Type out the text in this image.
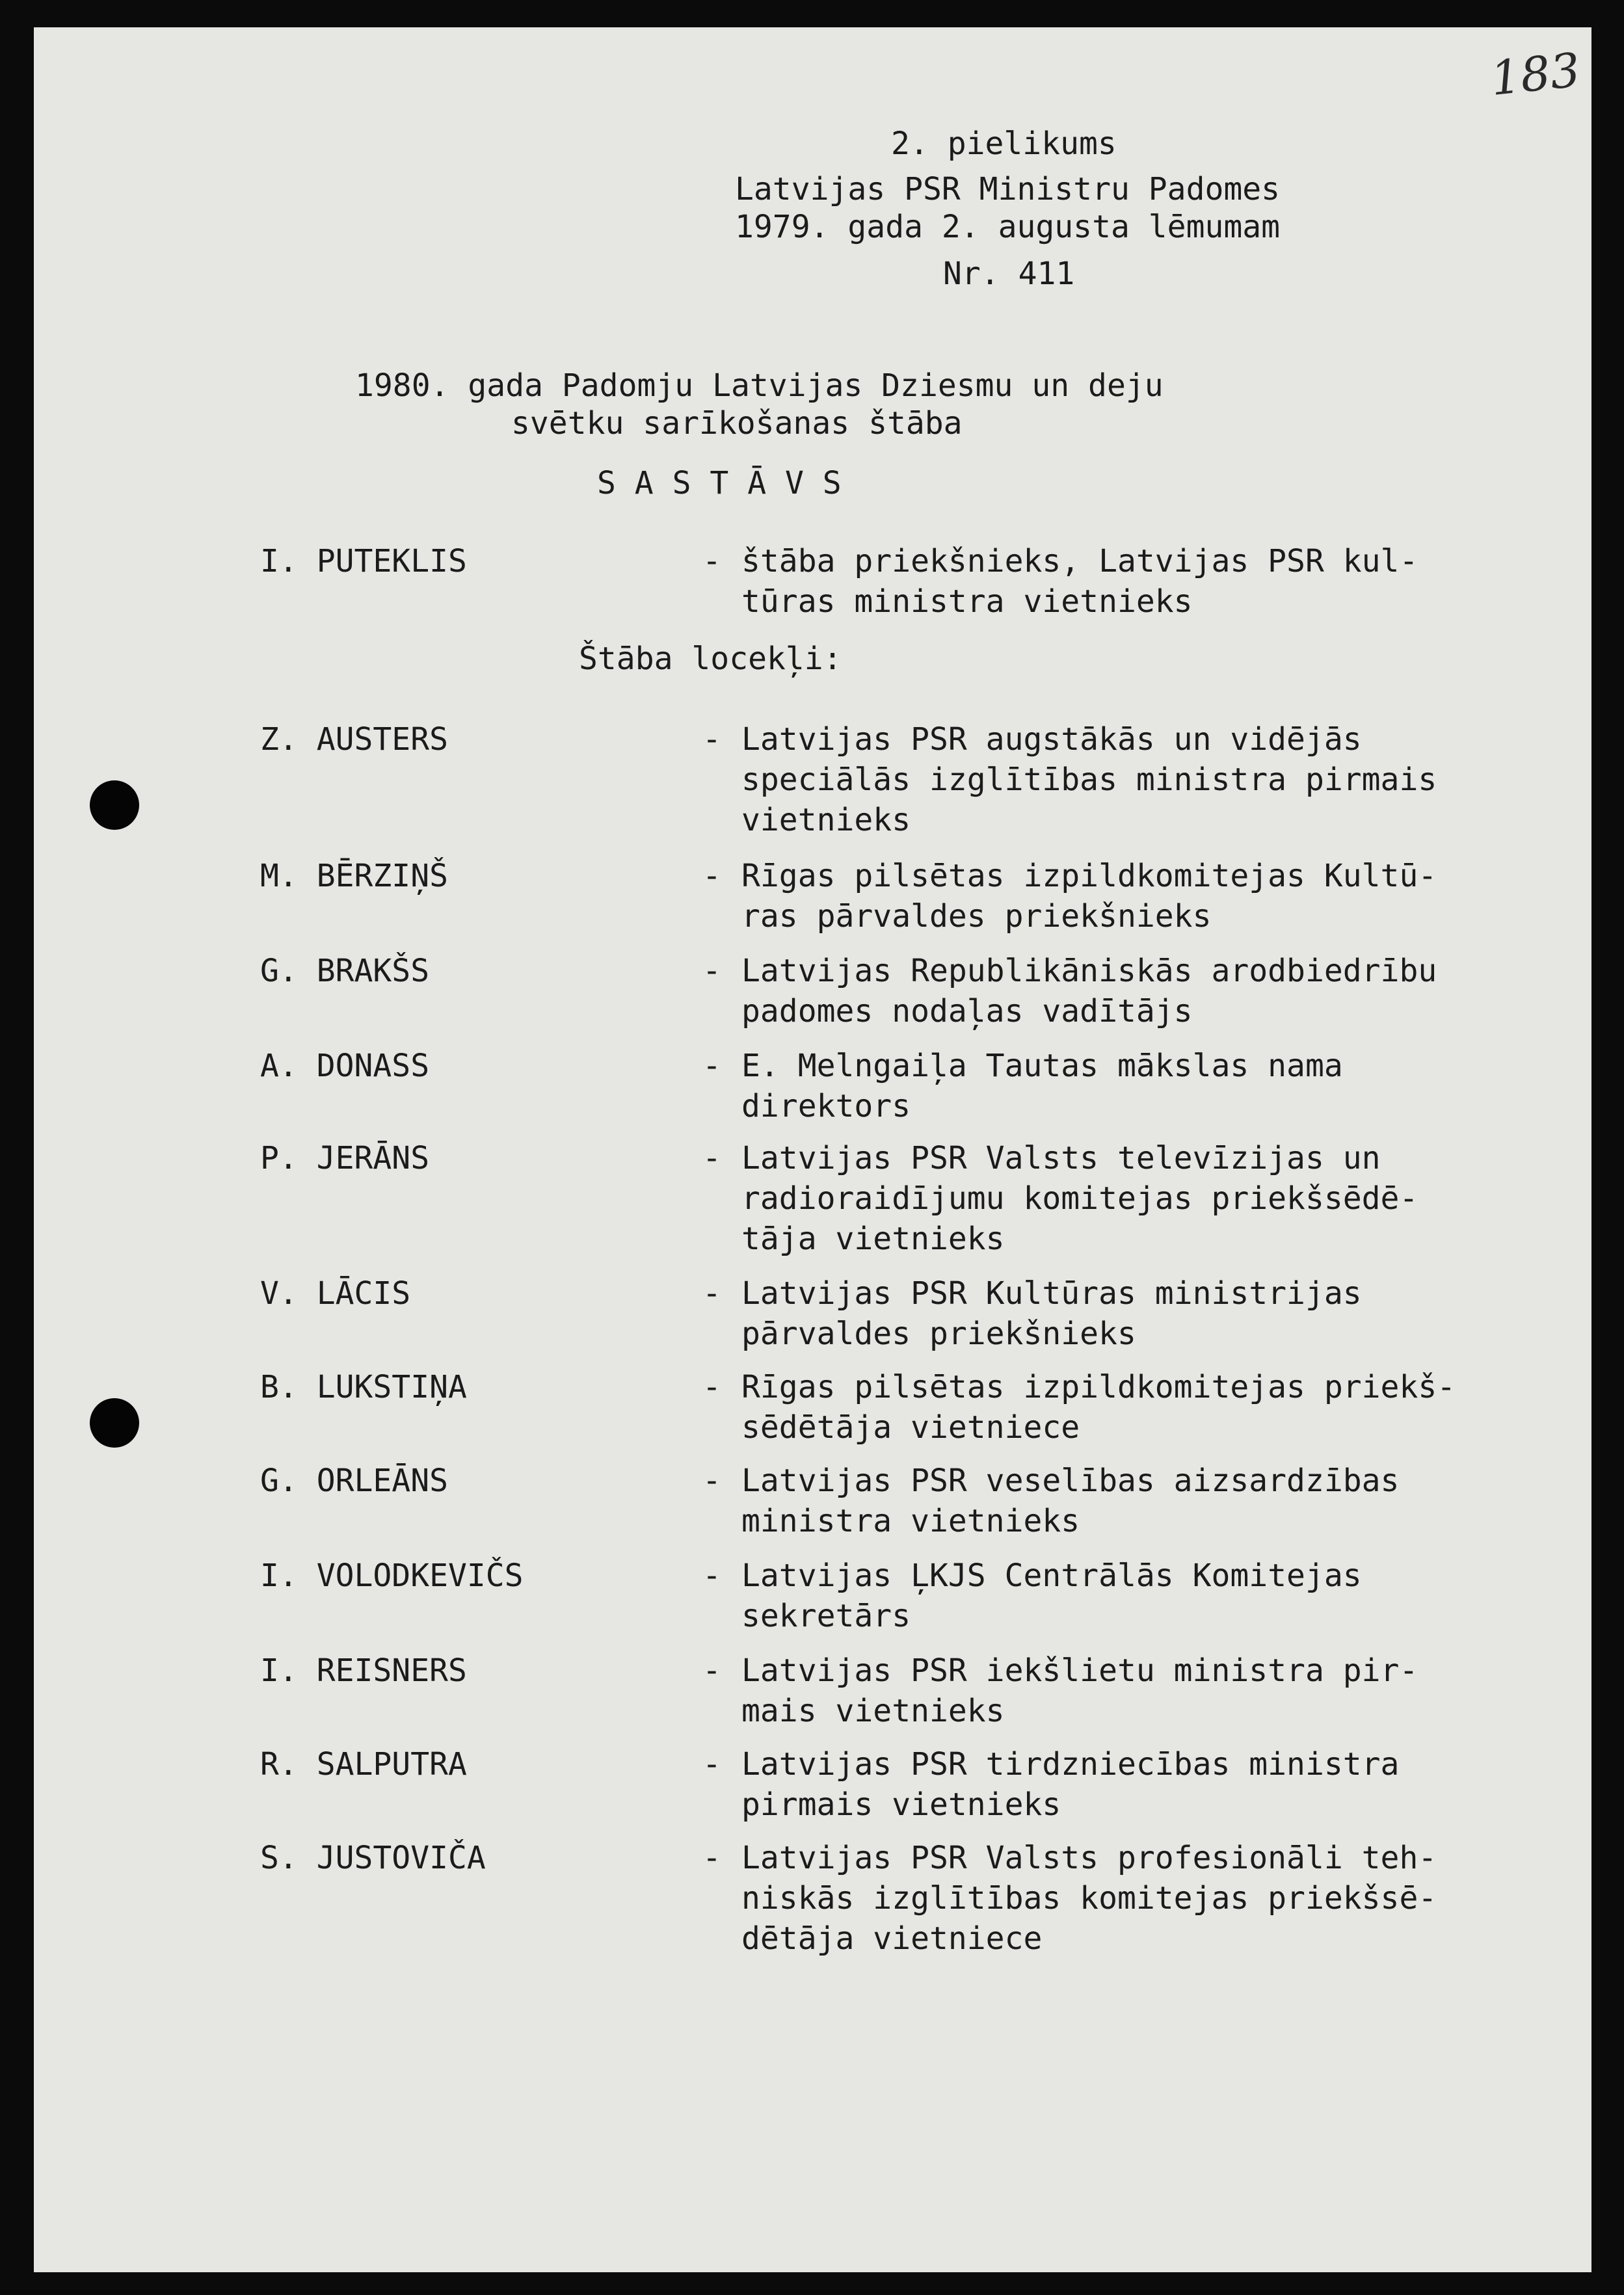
183
2. pielikums
Latvijas PSR Ministru Padomes
1979. gada 2. augusta lēmumam
Nr. 411
1980. gada Padomju Latvijas Dziesmu un deju
svētku sarīkošanas štāba
S A S T Ā V S
I. PUTEKLIS	- štāba priekšnieks, Latvijas PSR kul-
tūras ministra vietnieks
Štāba locekļi:
Z. AUSTERS	- Latvijas PSR augstākās un vidējās
speciālās izglītības ministra pirmais
vietnieks
M. BĒRZIŅŠ	- Rīgas pilsētas izpildkomitejas Kultū-
ras pārvaldes priekšnieks
G. BRAKŠS	- Latvijas Republikāniskās arodbiedrību
padomes nodaļas vadītājs
A. DONASS	- E. Melngaiļa Tautas mākslas nama
direktors
P. JERĀNS	- Latvijas PSR Valsts televīzijas un
radioraidījumu komitejas priekšsēdē-
tāja vietnieks
V. LĀCIS	- Latvijas PSR Kultūras ministrijas
pārvaldes priekšnieks
B. LUKSTIŅA	- Rīgas pilsētas izpildkomitejas priekš-
sēdētāja vietniece
G. ORLEĀNS	- Latvijas PSR veselības aizsardzības
ministra vietnieks
I. VOLODKEVIČS	- Latvijas ĻKJS Centrālās Komitejas
sekretārs
I. REISNERS	- Latvijas PSR iekšlietu ministra pir-
mais vietnieks
R. SALPUTRA	- Latvijas PSR tirdzniecības ministra
pirmais vietnieks
S. JUSTOVIČA	- Latvijas PSR Valsts profesionāli teh-
niskās izglītības komitejas priekšsē-
dētāja vietniece
